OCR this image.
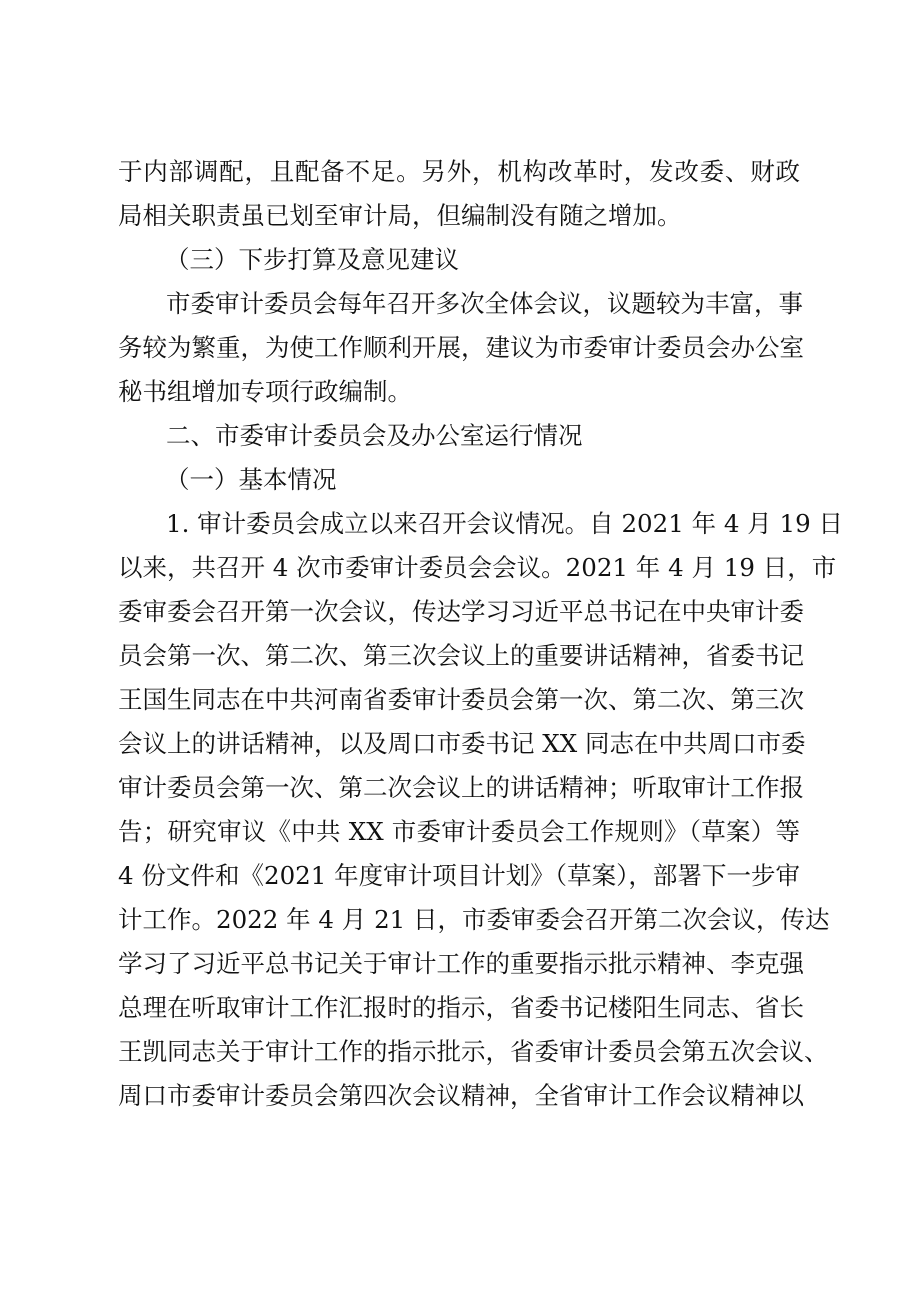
于内部调配，且配备不足。另外，机构改革时，发改委、财政

局相关职责虽已划至审计局，但编制没有随之增加。

（三）下步打算及意见建议

市委审计委员会每年召开多次全体会议，议题较为丰富，事

务较为繁重，为使工作顺利开展，建议为市委审计委员会办公室

秘书组增加专项行政编制。

二、市委审计委员会及办公室运行情况

（一）基本情况

1. 审计委员会成立以来召开会议情况。自 2021 年 4 月 19 日

以来，共召开 4 次市委审计委员会会议。2021 年 4 月 19 日，市

委审委会召开第一次会议，传达学习习近平总书记在中央审计委

员会第一次、第二次、第三次会议上的重要讲话精神，省委书记

王国生同志在中共河南省委审计委员会第一次、第二次、第三次

会议上的讲话精神，以及周口市委书记 XX 同志在中共周口市委

审计委员会第一次、第二次会议上的讲话精神；听取审计工作报

告；研究审议《中共 XX 市委审计委员会工作规则》（草案）等

4 份文件和《2021 年度审计项目计划》（草案），部署下一步审

计工作。2022 年 4 月 21 日，市委审委会召开第二次会议，传达

学习了习近平总书记关于审计工作的重要指示批示精神、李克强

总理在听取审计工作汇报时的指示，省委书记楼阳生同志、省长

王凯同志关于审计工作的指示批示，省委审计委员会第五次会议、

周口市委审计委员会第四次会议精神，全省审计工作会议精神以
